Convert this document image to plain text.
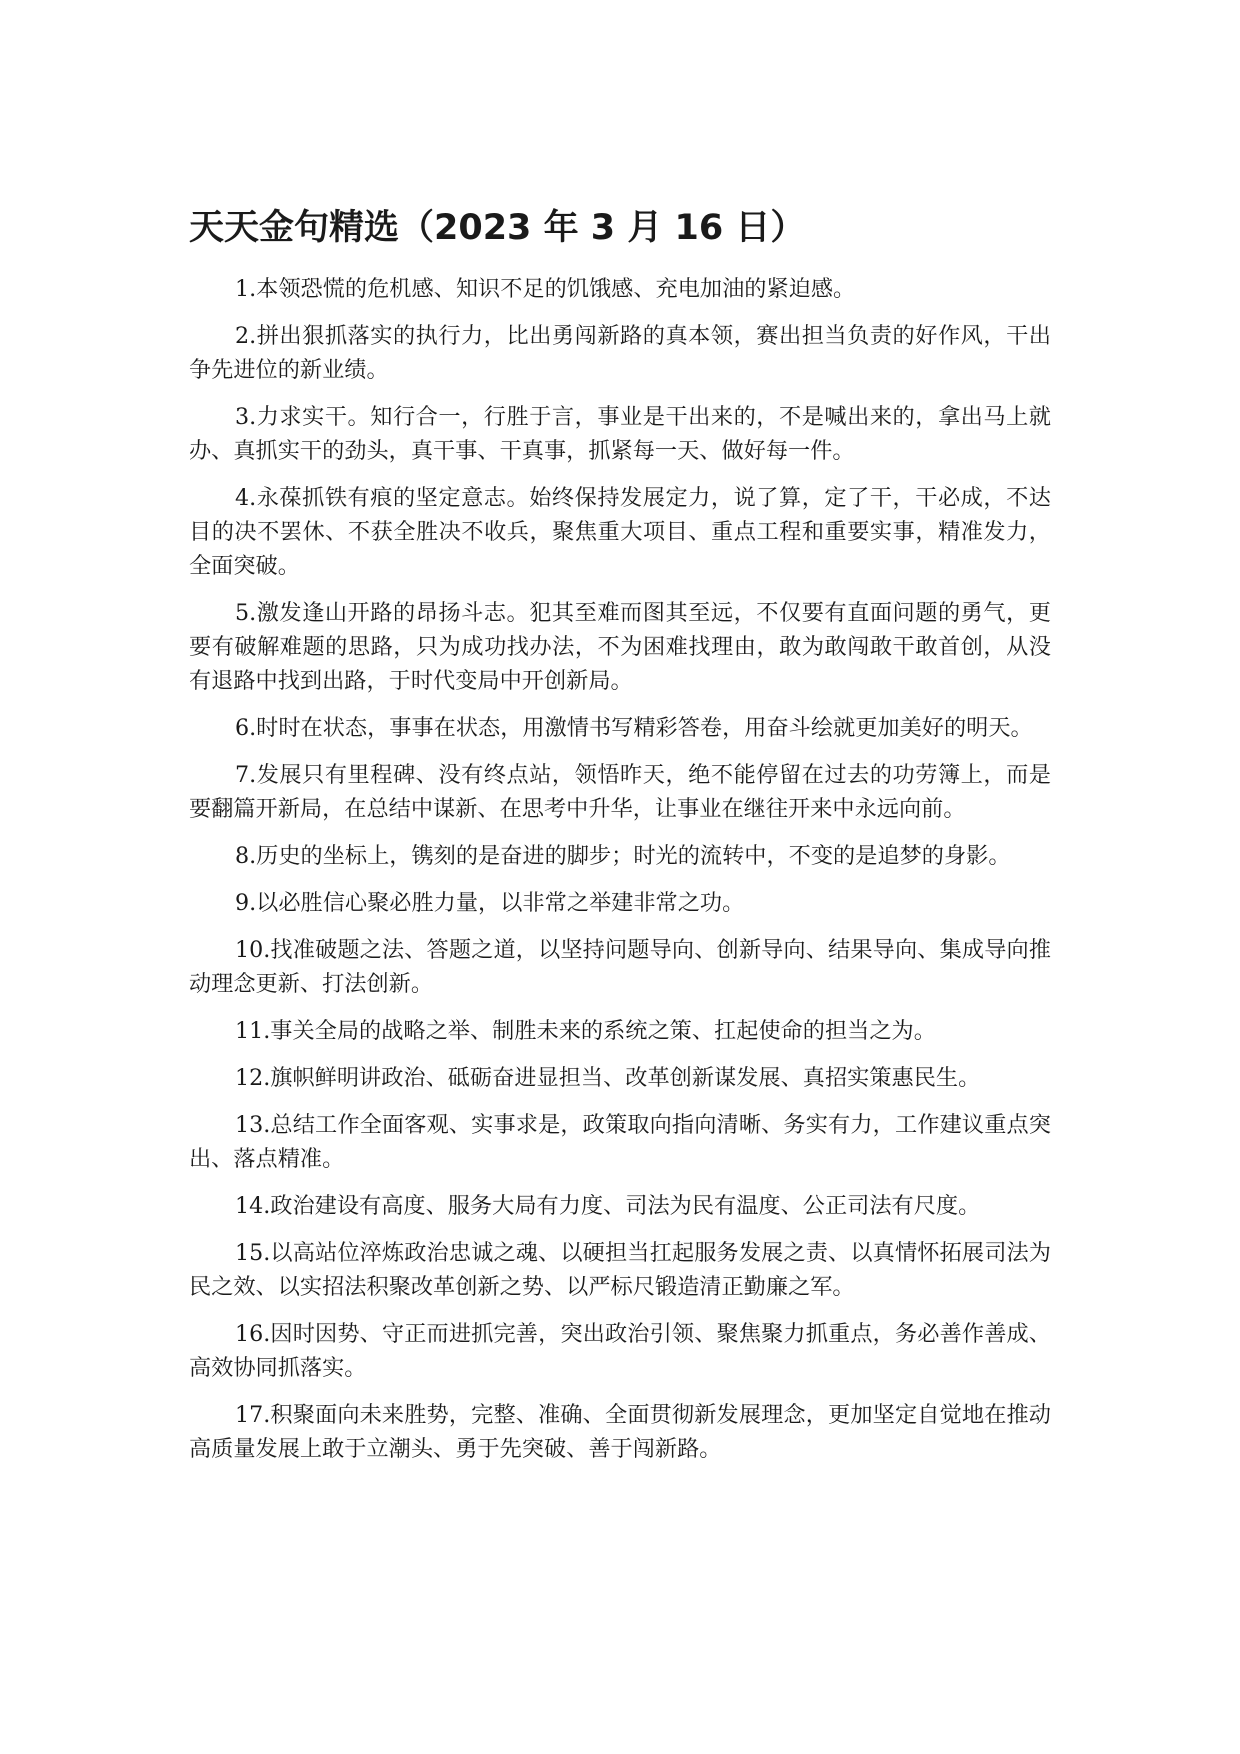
天天金句精选（2023 年 3 月 16 日）

1.本领恐慌的危机感、知识不足的饥饿感、充电加油的紧迫感。

2.拼出狠抓落实的执行力，比出勇闯新路的真本领，赛出担当负责的好作风，干出争先进位的新业绩。

3.力求实干。知行合一，行胜于言，事业是干出来的，不是喊出来的，拿出马上就办、真抓实干的劲头，真干事、干真事，抓紧每一天、做好每一件。

4.永葆抓铁有痕的坚定意志。始终保持发展定力，说了算，定了干，干必成，不达目的决不罢休、不获全胜决不收兵，聚焦重大项目、重点工程和重要实事，精准发力，全面突破。

5.激发逢山开路的昂扬斗志。犯其至难而图其至远，不仅要有直面问题的勇气，更要有破解难题的思路，只为成功找办法，不为困难找理由，敢为敢闯敢干敢首创，从没有退路中找到出路，于时代变局中开创新局。

6.时时在状态，事事在状态，用激情书写精彩答卷，用奋斗绘就更加美好的明天。

7.发展只有里程碑、没有终点站，领悟昨天，绝不能停留在过去的功劳簿上，而是要翻篇开新局，在总结中谋新、在思考中升华，让事业在继往开来中永远向前。

8.历史的坐标上，镌刻的是奋进的脚步；时光的流转中，不变的是追梦的身影。

9.以必胜信心聚必胜力量，以非常之举建非常之功。

10.找准破题之法、答题之道，以坚持问题导向、创新导向、结果导向、集成导向推动理念更新、打法创新。

11.事关全局的战略之举、制胜未来的系统之策、扛起使命的担当之为。

12.旗帜鲜明讲政治、砥砺奋进显担当、改革创新谋发展、真招实策惠民生。

13.总结工作全面客观、实事求是，政策取向指向清晰、务实有力，工作建议重点突出、落点精准。

14.政治建设有高度、服务大局有力度、司法为民有温度、公正司法有尺度。

15.以高站位淬炼政治忠诚之魂、以硬担当扛起服务发展之责、以真情怀拓展司法为民之效、以实招法积聚改革创新之势、以严标尺锻造清正勤廉之军。

16.因时因势、守正而进抓完善，突出政治引领、聚焦聚力抓重点，务必善作善成、高效协同抓落实。

17.积聚面向未来胜势，完整、准确、全面贯彻新发展理念，更加坚定自觉地在推动高质量发展上敢于立潮头、勇于先突破、善于闯新路。
